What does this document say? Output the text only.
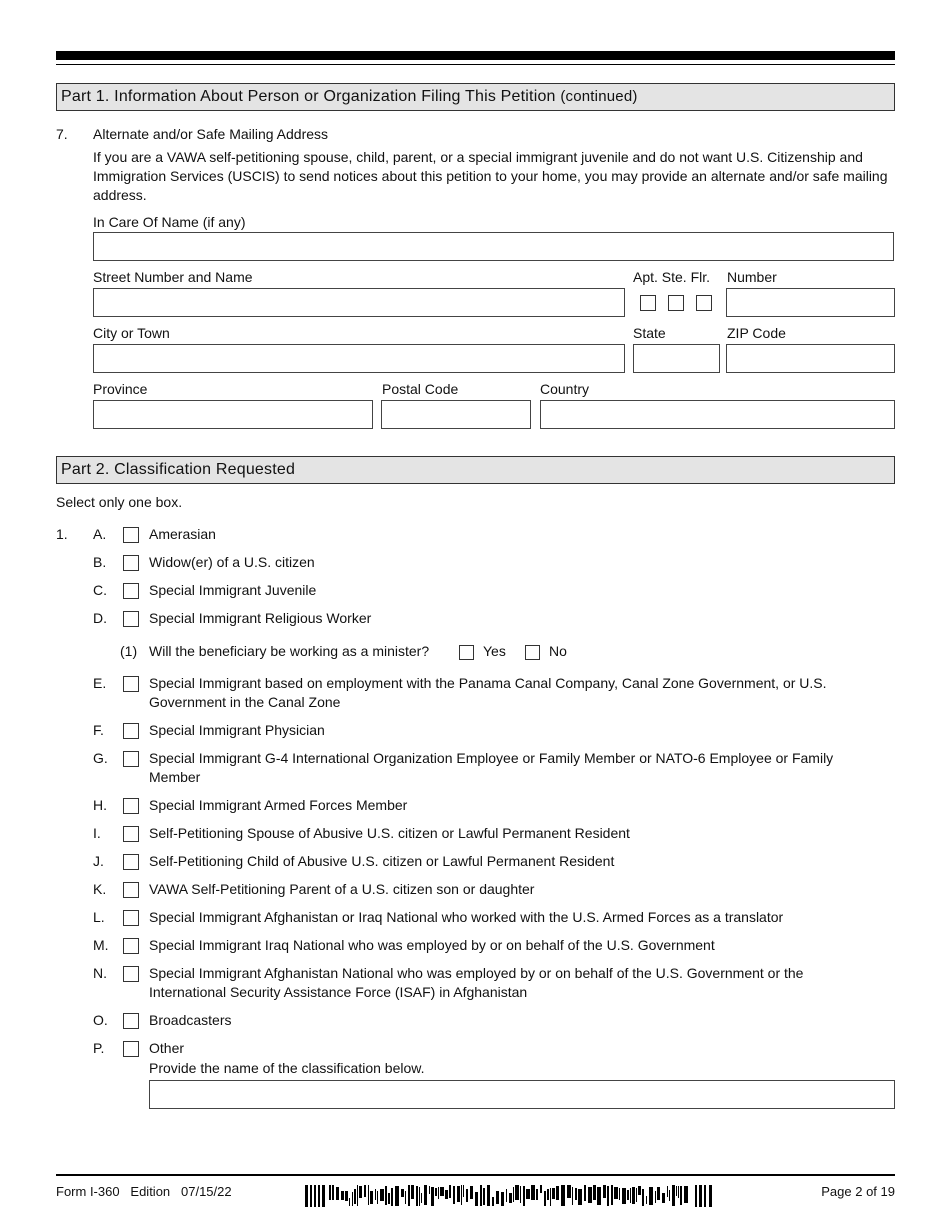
Part 1. Information About Person or Organization Filing This Petition (continued)
7. Alternate and/or Safe Mailing Address
If you are a VAWA self-petitioning spouse, child, parent, or a special immigrant juvenile and do not want U.S. Citizenship and Immigration Services (USCIS) to send notices about this petition to your home, you may provide an alternate and/or safe mailing address.
In Care Of Name (if any)
Street Number and Name	Apt. Ste. Flr. Number
City or Town	State	ZIP Code
Province	Postal Code	Country
Part 2. Classification Requested
Select only one box.
1. A.	Amerasian
B.	Widow(er) of a U.S. citizen
C.	Special Immigrant Juvenile
D.	Special Immigrant Religious Worker
(1) Will the beneficiary be working as a minister?	Yes	No
E.	Special Immigrant based on employment with the Panama Canal Company, Canal Zone Government, or U.S.
Government in the Canal Zone
F.	Special Immigrant Physician
G.	Special Immigrant G-4 International Organization Employee or Family Member or NATO-6 Employee or Family
Member
H.	Special Immigrant Armed Forces Member
I.	Self-Petitioning Spouse of Abusive U.S. citizen or Lawful Permanent Resident
J.	Self-Petitioning Child of Abusive U.S. citizen or Lawful Permanent Resident
K.	VAWA Self-Petitioning Parent of a U.S. citizen son or daughter
L.	Special Immigrant Afghanistan or Iraq National who worked with the U.S. Armed Forces as a translator
M.	Special Immigrant Iraq National who was employed by or on behalf of the U.S. Government
N.	Special Immigrant Afghanistan National who was employed by or on behalf of the U.S. Government or the
International Security Assistance Force (ISAF) in Afghanistan
O.	Broadcasters
P.	Other
Provide the name of the classification below.
Form I-360   Edition   07/15/22	Page 2 of 19
